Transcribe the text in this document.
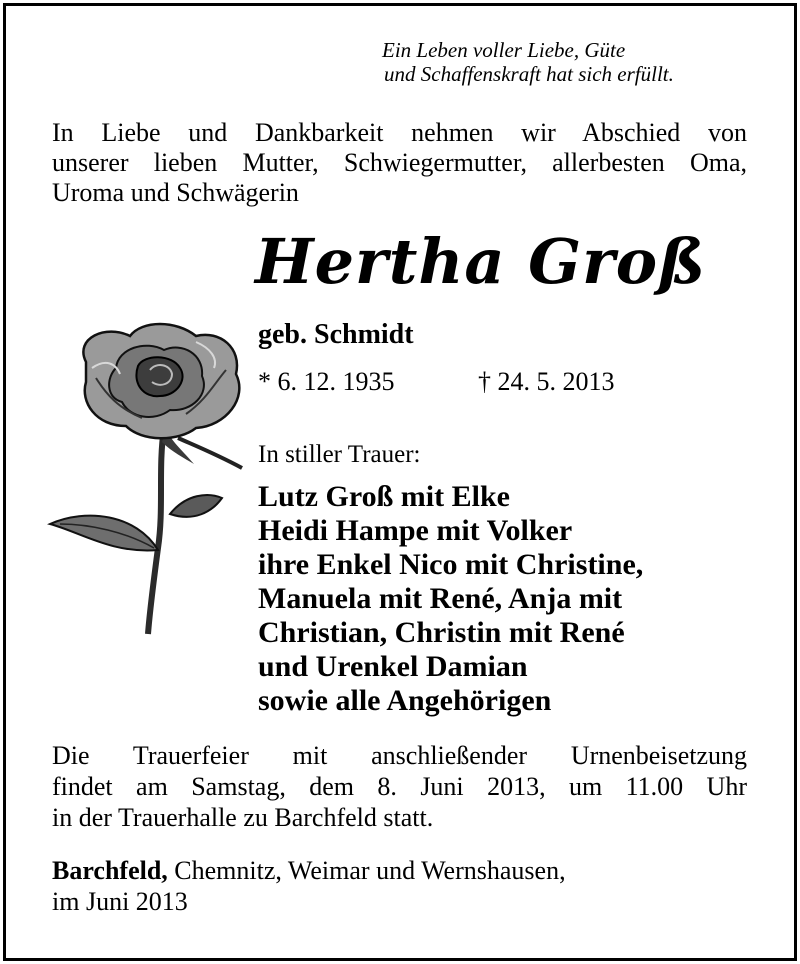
Ein Leben voller Liebe, Güte
und Schaffenskraft hat sich erfüllt.
In Liebe und Dankbarkeit nehmen wir Abschied von
unserer lieben Mutter, Schwiegermutter, allerbesten Oma,
Uroma und Schwägerin
Hertha Groß
geb. Schmidt
* 6. 12. 1935	† 24. 5. 2013
In stiller Trauer:
Lutz Groß mit Elke
Heidi Hampe mit Volker
ihre Enkel Nico mit Christine,
Manuela mit René, Anja mit
Christian, Christin mit René
und Urenkel Damian
sowie alle Angehörigen
Die Trauerfeier mit anschließender Urnenbeisetzung
findet am Samstag, dem 8. Juni 2013, um 11.00 Uhr
in der Trauerhalle zu Barchfeld statt.
Barchfeld, Chemnitz, Weimar und Wernshausen,
im Juni 2013
